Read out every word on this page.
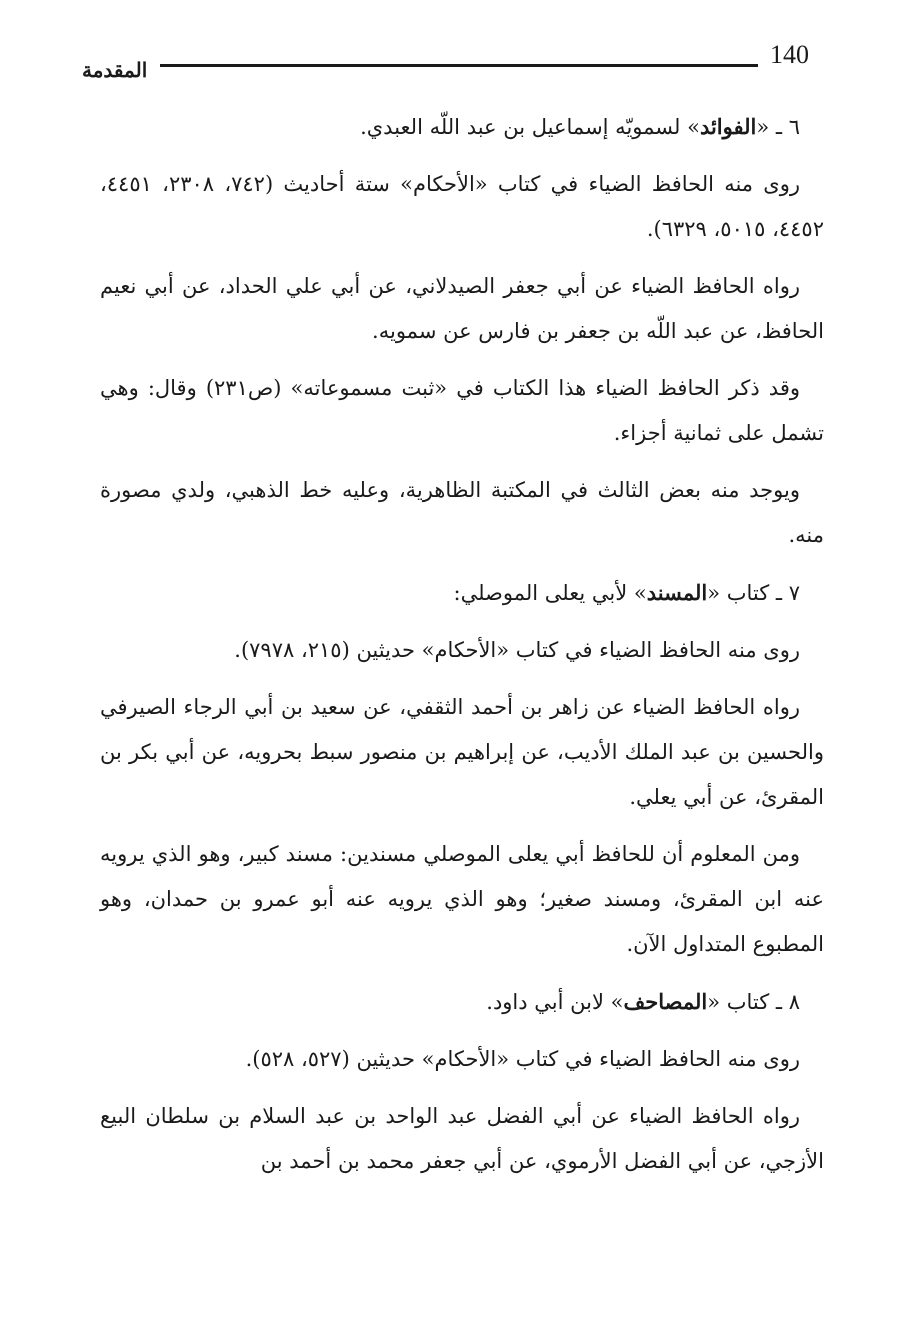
140
المقدمة

٦ ـ «الفوائد» لسمويّه إسماعيل بن عبد اللّه العبدي.

روى منه الحافظ الضياء في كتاب «الأحكام» ستة أحاديث (٧٤٢، ٢٣٠٨، ٤٤٥١، ٤٤٥٢، ٥٠١٥، ٦٣٢٩).

رواه الحافظ الضياء عن أبي جعفر الصيدلاني، عن أبي علي الحداد، عن أبي نعيم الحافظ، عن عبد اللّه بن جعفر بن فارس عن سمويه.

وقد ذكر الحافظ الضياء هذا الكتاب في «ثبت مسموعاته» (ص٢٣١) وقال: وهي تشمل على ثمانية أجزاء.

ويوجد منه بعض الثالث في المكتبة الظاهرية، وعليه خط الذهبي، ولدي مصورة منه.

٧ ـ كتاب «المسند» لأبي يعلى الموصلي:

روى منه الحافظ الضياء في كتاب «الأحكام» حديثين (٢١٥، ٧٩٧٨).

رواه الحافظ الضياء عن زاهر بن أحمد الثقفي، عن سعيد بن أبي الرجاء الصيرفي والحسين بن عبد الملك الأديب، عن إبراهيم بن منصور سبط بحرويه، عن أبي بكر بن المقرئ، عن أبي يعلي.

ومن المعلوم أن للحافظ أبي يعلى الموصلي مسندين: مسند كبير، وهو الذي يرويه عنه ابن المقرئ، ومسند صغير؛ وهو الذي يرويه عنه أبو عمرو بن حمدان، وهو المطبوع المتداول الآن.

٨ ـ كتاب «المصاحف» لابن أبي داود.

روى منه الحافظ الضياء في كتاب «الأحكام» حديثين (٥٢٧، ٥٢٨).

رواه الحافظ الضياء عن أبي الفضل عبد الواحد بن عبد السلام بن سلطان البيع الأزجي، عن أبي الفضل الأرموي، عن أبي جعفر محمد بن أحمد بن
